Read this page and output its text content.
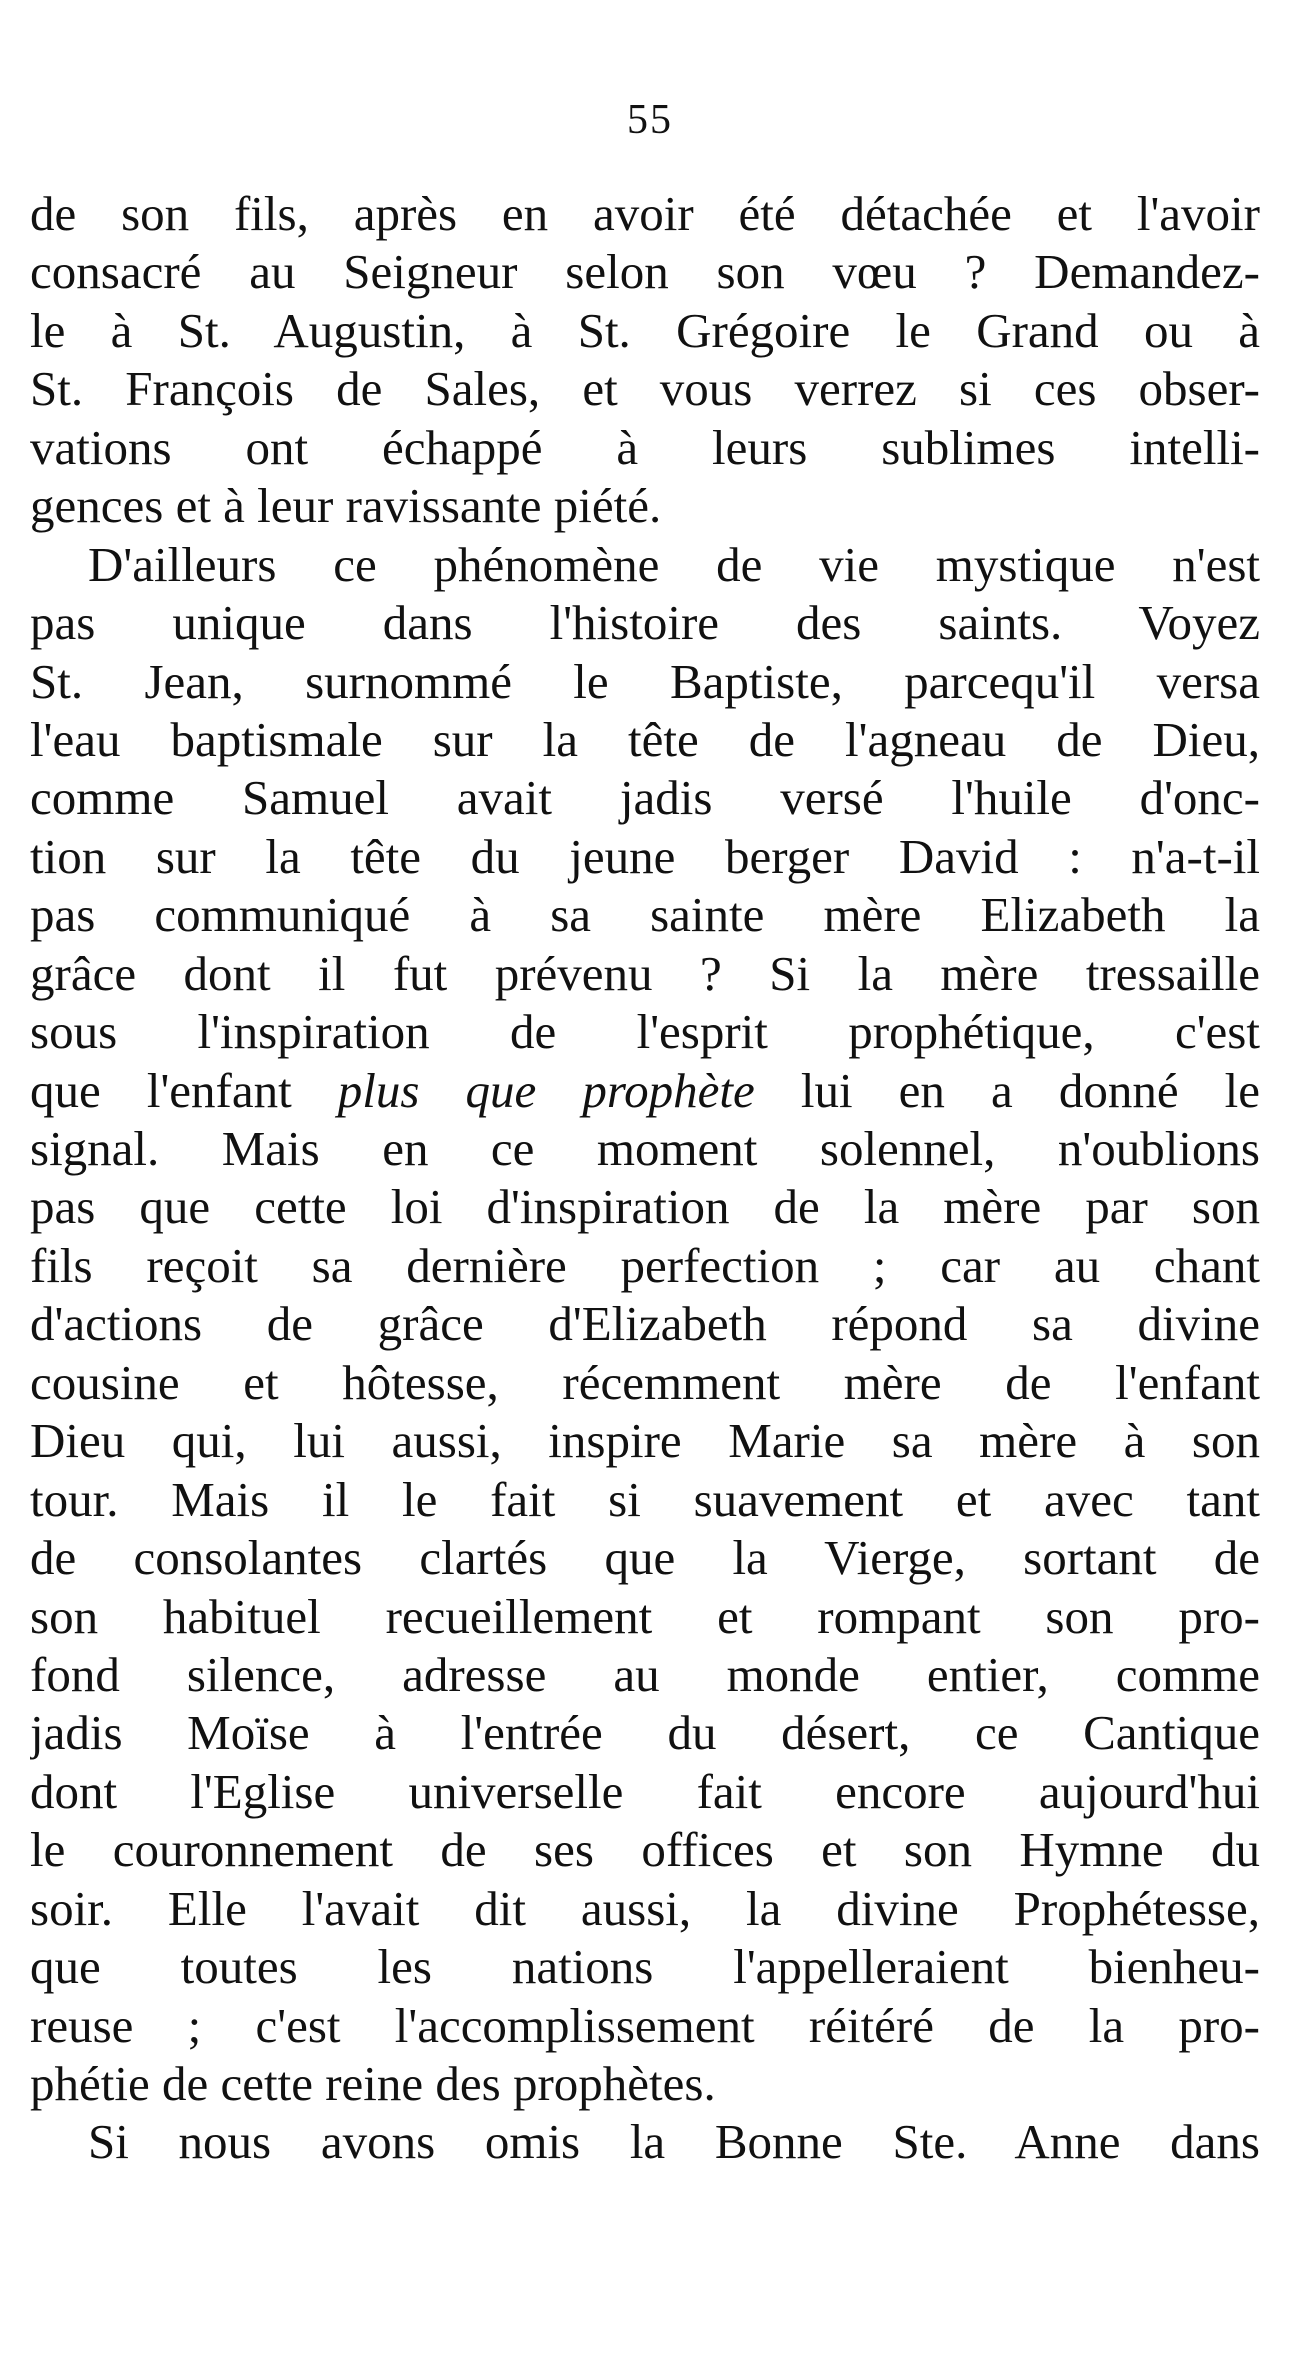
55
de son fils, après en avoir été détachée et l'avoir
consacré au Seigneur selon son vœu ? Demandez-
le à St. Augustin, à St. Grégoire le Grand ou à
St. François de Sales, et vous verrez si ces obser-
vations ont échappé à leurs sublimes intelli-
gences et à leur ravissante piété.
D'ailleurs ce phénomène de vie mystique n'est
pas unique dans l'histoire des saints. Voyez
St. Jean, surnommé le Baptiste, parcequ'il versa
l'eau baptismale sur la tête de l'agneau de Dieu,
comme Samuel avait jadis versé l'huile d'onc-
tion sur la tête du jeune berger David : n'a-t-il
pas communiqué à sa sainte mère Elizabeth la
grâce dont il fut prévenu ? Si la mère tressaille
sous l'inspiration de l'esprit prophétique, c'est
que l'enfant plus que prophète lui en a donné le
signal. Mais en ce moment solennel, n'oublions
pas que cette loi d'inspiration de la mère par son
fils reçoit sa dernière perfection ; car au chant
d'actions de grâce d'Elizabeth répond sa divine
cousine et hôtesse, récemment mère de l'enfant
Dieu qui, lui aussi, inspire Marie sa mère à son
tour. Mais il le fait si suavement et avec tant
de consolantes clartés que la Vierge, sortant de
son habituel recueillement et rompant son pro-
fond silence, adresse au monde entier, comme
jadis Moïse à l'entrée du désert, ce Cantique
dont l'Eglise universelle fait encore aujourd'hui
le couronnement de ses offices et son Hymne du
soir. Elle l'avait dit aussi, la divine Prophétesse,
que toutes les nations l'appelleraient bienheu-
reuse ; c'est l'accomplissement réitéré de la pro-
phétie de cette reine des prophètes.
Si nous avons omis la Bonne Ste. Anne dans
